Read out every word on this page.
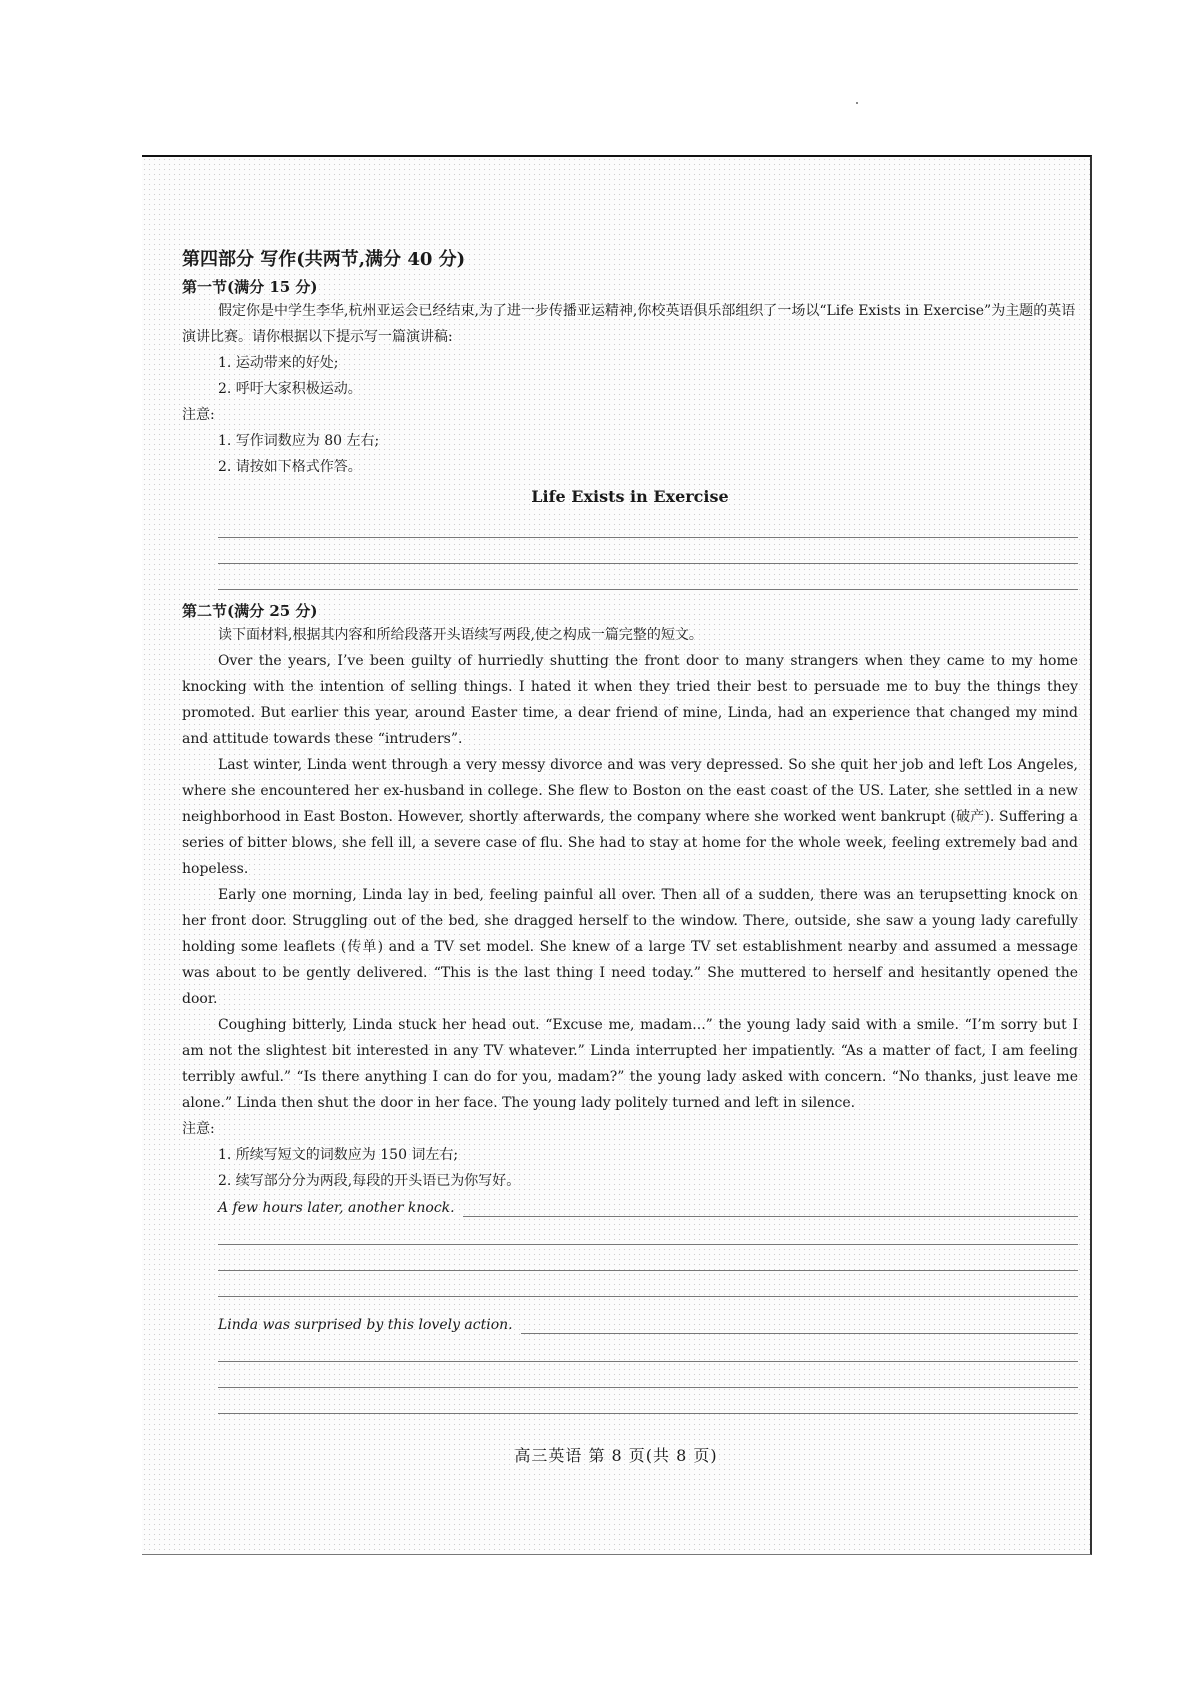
第四部分 写作(共两节,满分 40 分)
第一节(满分 15 分)

假定你是中学生李华,杭州亚运会已经结束,为了进一步传播亚运精神,你校英语俱乐部组织了一场以“Life Exists in Exercise”为主题的英语演讲比赛。请你根据以下提示写一篇演讲稿:

1. 运动带来的好处;
2. 呼吁大家积极运动。

注意:

1. 写作词数应为 80 左右;
2. 请按如下格式作答。
Life Exists in Exercise
第二节(满分 25 分)

读下面材料,根据其内容和所给段落开头语续写两段,使之构成一篇完整的短文。

Over the years, I’ve been guilty of hurriedly shutting the front door to many strangers when they came to my home knocking with the intention of selling things. I hated it when they tried their best to persuade me to buy the things they promoted. But earlier this year, around Easter time, a dear friend of mine, Linda, had an experience that changed my mind and attitude towards these “intruders”.

Last winter, Linda went through a very messy divorce and was very depressed. So she quit her job and left Los Angeles, where she encountered her ex-husband in college. She flew to Boston on the east coast of the US. Later, she settled in a new neighborhood in East Boston. However, shortly afterwards, the company where she worked went bankrupt (破产). Suffering a series of bitter blows, she fell ill, a severe case of flu. She had to stay at home for the whole week, feeling extremely bad and hopeless.

Early one morning, Linda lay in bed, feeling painful all over. Then all of a sudden, there was an terupsetting knock on her front door. Struggling out of the bed, she dragged herself to the window. There, outside, she saw a young lady carefully holding some leaflets (传单) and a TV set model. She knew of a large TV set establishment nearby and assumed a message was about to be gently delivered. “This is the last thing I need today.” She muttered to herself and hesitantly opened the door.

Coughing bitterly, Linda stuck her head out. “Excuse me, madam...” the young lady said with a smile. “I’m sorry but I am not the slightest bit interested in any TV whatever.” Linda interrupted her impatiently. “As a matter of fact, I am feeling terribly awful.” “Is there anything I can do for you, madam?” the young lady asked with concern. “No thanks, just leave me alone.” Linda then shut the door in her face. The young lady politely turned and left in silence.

注意:

1. 所续写短文的词数应为 150 词左右;
2. 续写部分分为两段,每段的开头语已为你写好。
A few hours later, another knock.
Linda was surprised by this lovely action.
高三英语 第 8 页(共 8 页)
